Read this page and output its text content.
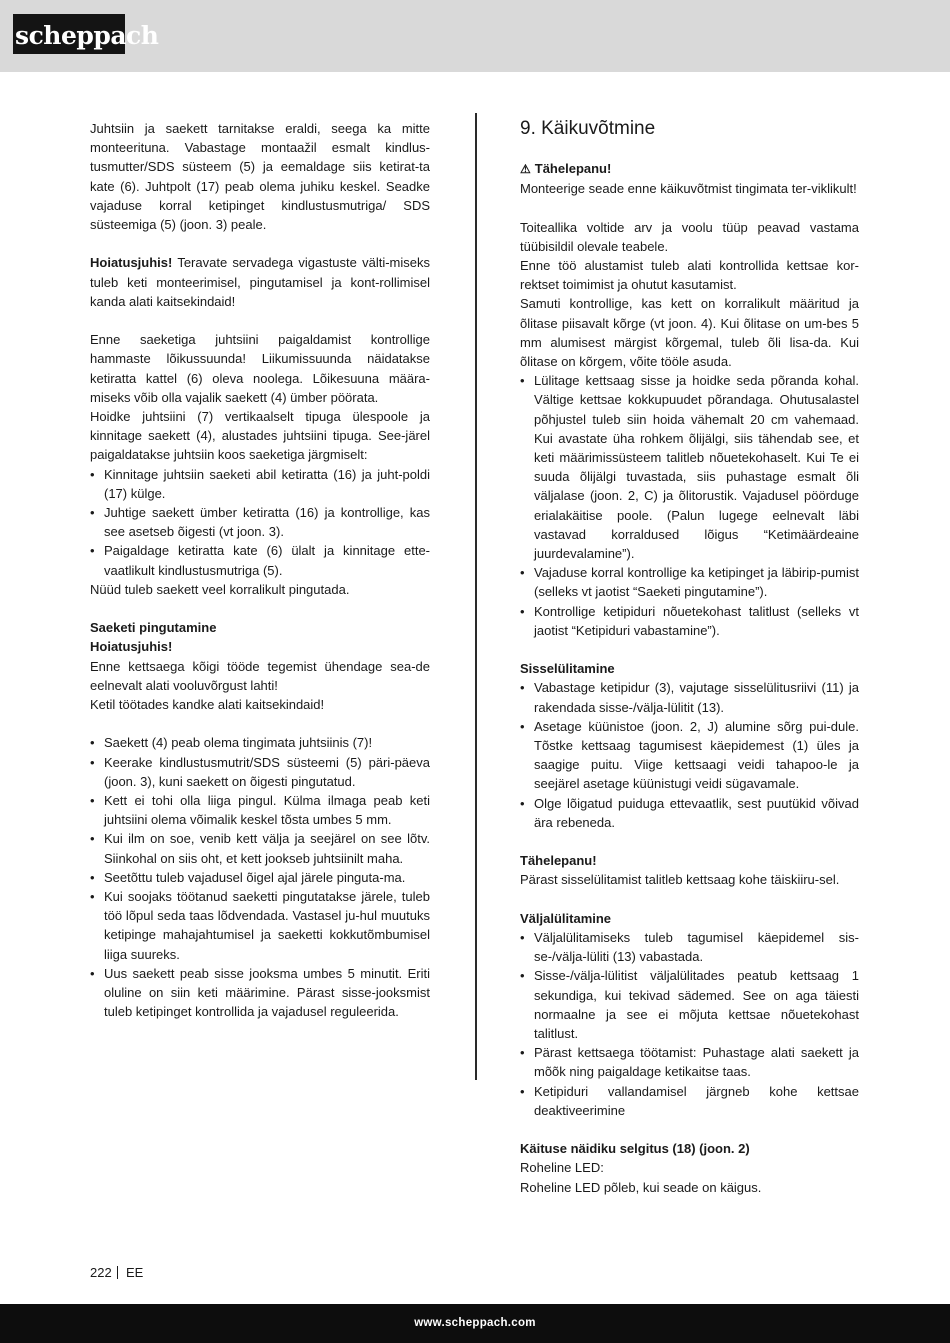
scheppach

Juhtsiin ja saekett tarnitakse eraldi, seega ka mitte monteerituna. Vabastage montaažil esmalt kindlus-tusmutter/SDS süsteem (5) ja eemaldage siis ketirat-ta kate (6). Juhtpolt (17) peab olema juhiku keskel. Seadke vajaduse korral ketipinget kindlustusmutriga/ SDS süsteemiga (5) (joon. 3) peale.

Hoiatusjuhis! Teravate servadega vigastuste välti-miseks tuleb keti monteerimisel, pingutamisel ja kont-rollimisel kanda alati kaitsekindaid!

Enne saeketiga juhtsiini paigaldamist kontrollige hammaste lõikussuunda! Liikumissuunda näidatakse ketiratta kattel (6) oleva noolega. Lõikesuuna määra-miseks võib olla vajalik saekett (4) ümber pöörata.

Hoidke juhtsiini (7) vertikaalselt tipuga ülespoole ja kinnitage saekett (4), alustades juhtsiini tipuga. See-järel paigaldatakse juhtsiin koos saeketiga järgmiselt:

• Kinnitage juhtsiin saeketi abil ketiratta (16) ja juht-poldi (17) külge.
• Juhtige saekett ümber ketiratta (16) ja kontrollige, kas see asetseb õigesti (vt joon. 3).
• Paigaldage ketiratta kate (6) ülalt ja kinnitage ette-vaatlikult kindlustusmutriga (5).

Nüüd tuleb saekett veel korralikult pingutada.

Saeketi pingutamine

Hoiatusjuhis!

Enne kettsaega kõigi tööde tegemist ühendage sea-de eelnevalt alati vooluvõrgust lahti!

Ketil töötades kandke alati kaitsekindaid!

• Saekett (4) peab olema tingimata juhtsiinis (7)!
• Keerake kindlustusmutrit/SDS süsteemi (5) päri-päeva (joon. 3), kuni saekett on õigesti pingutatud.
• Kett ei tohi olla liiga pingul. Külma ilmaga peab keti juhtsiini olema võimalik keskel tõsta umbes 5 mm.
• Kui ilm on soe, venib kett välja ja seejärel on see lõtv. Siinkohal on siis oht, et kett jookseb juhtsiinilt maha.
• Seetõttu tuleb vajadusel õigel ajal järele pinguta-ma.
• Kui soojaks töötanud saeketti pingutatakse järele, tuleb töö lõpul seda taas lõdvendada. Vastasel ju-hul muutuks ketipinge mahajahtumisel ja saeketti kokkutõmbumisel liiga suureks.
• Uus saekett peab sisse jooksma umbes 5 minutit. Eriti oluline on siin keti määrimine. Pärast sisse-jooksmist tuleb ketipinget kontrollida ja vajadusel reguleerida.
9. Käikuvõtmine

⚠ Tähelepanu!

Monteerige seade enne käikuvõtmist tingimata ter-viklikult!

Toiteallika voltide arv ja voolu tüüp peavad vastama tüübisildil olevale teabele.

Enne töö alustamist tuleb alati kontrollida kettsae kor-rektset toimimist ja ohutut kasutamist.

Samuti kontrollige, kas kett on korralikult määritud ja õlitase piisavalt kõrge (vt joon. 4). Kui õlitase on um-bes 5 mm alumisest märgist kõrgemal, tuleb õli lisa-da. Kui õlitase on kõrgem, võite tööle asuda.

• Lülitage kettsaag sisse ja hoidke seda põranda kohal. Vältige kettsae kokkupuudet põrandaga. Ohutusalastel põhjustel tuleb siin hoida vähemalt 20 cm vahemaad. Kui avastate üha rohkem õlijälgi, siis tähendab see, et keti määrimissüsteem talitleb nõuetekohaselt. Kui Te ei suuda õlijälgi tuvastada, siis puhastage esmalt õli väljalase (joon. 2, C) ja õlitorustik. Vajadusel pöörduge erialakäitise poole. (Palun lugege eelnevalt läbi vastavad korraldused lõigus “Ketimäärdeaine juurdevalamine”).
• Vajaduse korral kontrollige ka ketipinget ja läbirip-pumist (selleks vt jaotist “Saeketi pingutamine”).
• Kontrollige ketipiduri nõuetekohast talitlust (selleks vt jaotist “Ketipiduri vabastamine”).

Sisselülitamine

• Vabastage ketipidur (3), vajutage sisselülitusriivi (11) ja rakendada sisse-/välja-lülitit (13).
• Asetage küünistoe (joon. 2, J) alumine sõrg pui-dule. Tõstke kettsaag tagumisest käepidemest (1) üles ja saagige puitu. Viige kettsaagi veidi tahapoo-le ja seejärel asetage küünistugi veidi sügavamale.
• Olge lõigatud puiduga ettevaatlik, sest puutükid võivad ära rebeneda.

Tähelepanu!

Pärast sisselülitamist talitleb kettsaag kohe täiskiiru-sel.

Väljalülitamine

• Väljalülitamiseks tuleb tagumisel käepidemel sis-se-/välja-lüliti (13) vabastada.
• Sisse-/välja-lülitist väljalülitades peatub kettsaag 1 sekundiga, kui tekivad sädemed. See on aga täiesti normaalne ja see ei mõjuta kettsae nõuetekohast talitlust.
• Pärast kettsaega töötamist: Puhastage alati saekett ja mõõk ning paigaldage ketikaitse taas.
• Ketipiduri vallandamisel järgneb kohe kettsae deaktiveerimine

Käituse näidiku selgitus (18) (joon. 2)

Roheline LED:

Roheline LED põleb, kui seade on käigus.

222 EE
www.scheppach.com
